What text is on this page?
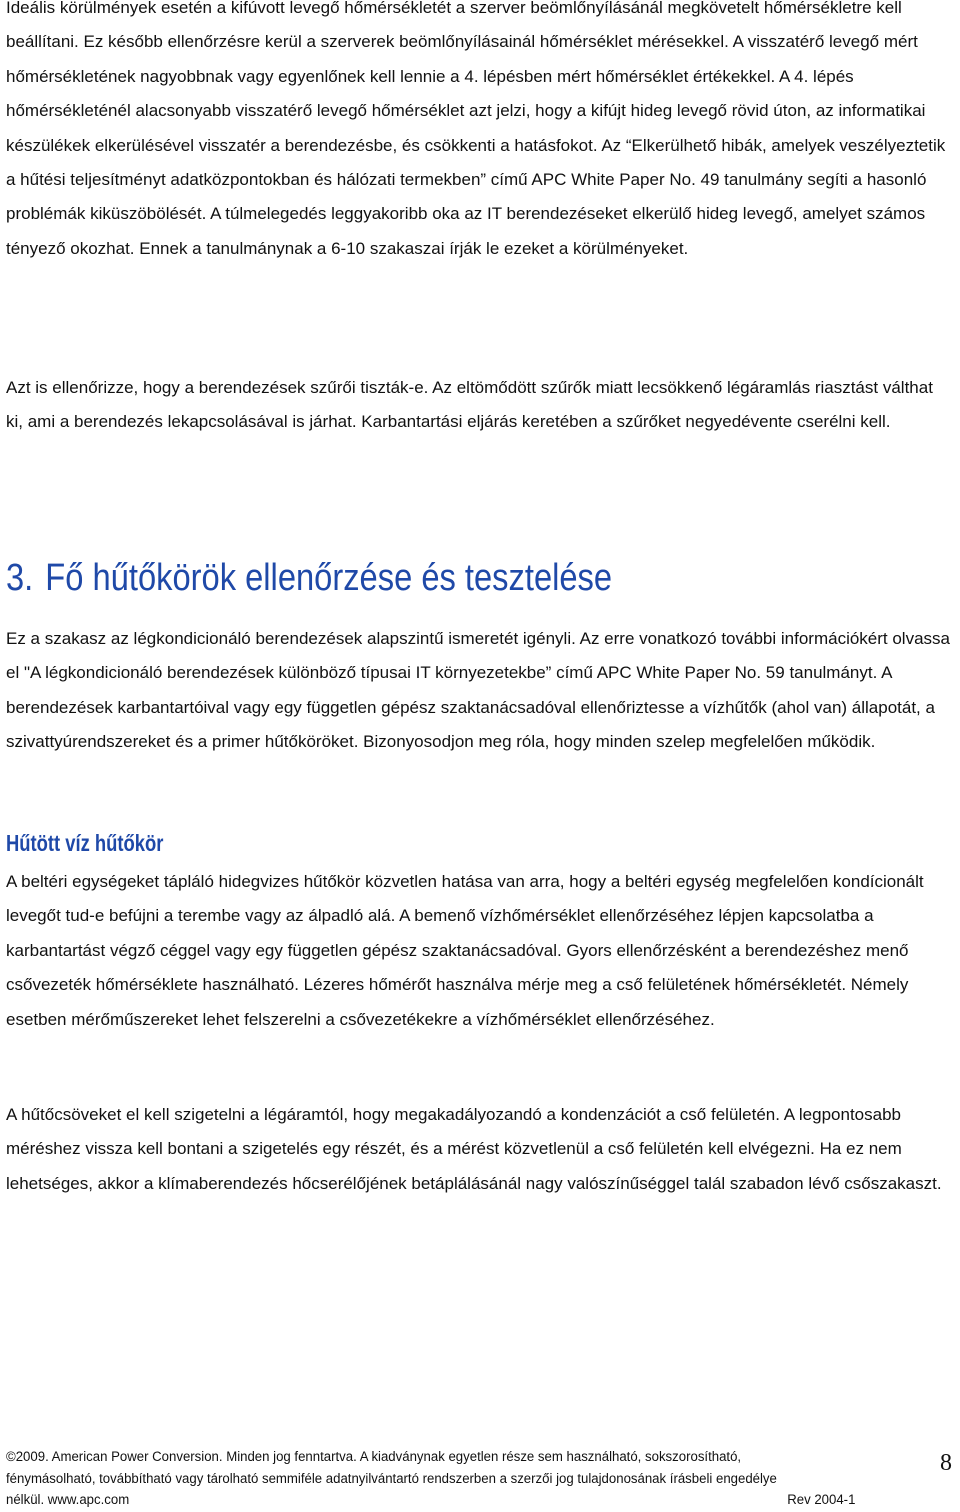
Ideális körülmények esetén a kifúvott levegő hőmérsékletét a szerver beömlőnyílásánál megkövetelt hőmérsékletre kell beállítani. Ez később ellenőrzésre kerül a szerverek beömlőnyílásainál hőmérséklet mérésekkel. A visszatérő levegő mért hőmérsékletének nagyobbnak vagy egyenlőnek kell lennie a 4. lépésben mért hőmérséklet értékekkel. A 4. lépés hőmérsékleténél alacsonyabb visszatérő levegő hőmérséklet azt jelzi, hogy a kifújt hideg levegő rövid úton, az informatikai készülékek elkerülésével visszatér a berendezésbe, és csökkenti a hatásfokot. Az “Elkerülhető hibák, amelyek veszélyeztetik a hűtési teljesítményt adatközpontokban és hálózati termekben” című APC White Paper No. 49 tanulmány segíti a hasonló problémák kiküszöbölését. A túlmelegedés leggyakoribb oka az IT berendezéseket elkerülő hideg levegő, amelyet számos tényező okozhat. Ennek a tanulmánynak a 6-10 szakaszai írják le ezeket a körülményeket.

Azt is ellenőrizze, hogy a berendezések szűrői tiszták-e. Az eltömődött szűrők miatt lecsökkenő légáramlás riasztást válthat ki, ami a berendezés lekapcsolásával is járhat. Karbantartási eljárás keretében a szűrőket negyedévente cserélni kell.

3. Fő hűtőkörök ellenőrzése és tesztelése

Ez a szakasz az légkondicionáló berendezések alapszintű ismeretét igényli. Az erre vonatkozó további információkért olvassa el "A légkondicionáló berendezések különböző típusai IT környezetekbe” című APC White Paper No. 59 tanulmányt. A berendezések karbantartóival vagy egy független gépész szaktanácsadóval ellenőriztesse a vízhűtők (ahol van) állapotát, a szivattyúrendszereket és a primer hűtőköröket. Bizonyosodjon meg róla, hogy minden szelep megfelelően működik.

Hűtött víz hűtőkör

A beltéri egységeket tápláló hidegvizes hűtőkör közvetlen hatása van arra, hogy a beltéri egység megfelelően kondícionált levegőt tud-e befújni a terembe vagy az álpadló alá. A bemenő vízhőmérséklet ellenőrzéséhez lépjen kapcsolatba a karbantartást végző céggel vagy egy független gépész szaktanácsadóval. Gyors ellenőrzésként a berendezéshez menő csővezeték hőmérséklete használható. Lézeres hőmérőt használva mérje meg a cső felületének hőmérsékletét. Némely esetben mérőműszereket lehet felszerelni a csővezetékekre a vízhőmérséklet ellenőrzéséhez.

A hűtőcsöveket el kell szigetelni a légáramtól, hogy megakadályozandó a kondenzációt a cső felületén. A legpontosabb méréshez vissza kell bontani a szigetelés egy részét, és a mérést közvetlenül a cső felületén kell elvégezni. Ha ez nem lehetséges, akkor a klímaberendezés hőcserélőjének betáplálásánál nagy valószínűséggel talál szabadon lévő csőszakaszt.

©2009. American Power Conversion. Minden jog fenntartva. A kiadványnak egyetlen része sem használható, sokszorosítható,
fénymásolható, továbbítható vagy tárolható semmiféle adatnyilvántartó rendszerben a szerzői jog tulajdonosának írásbeli engedélye
nélkül. www.apc.com	Rev 2004-1
8
